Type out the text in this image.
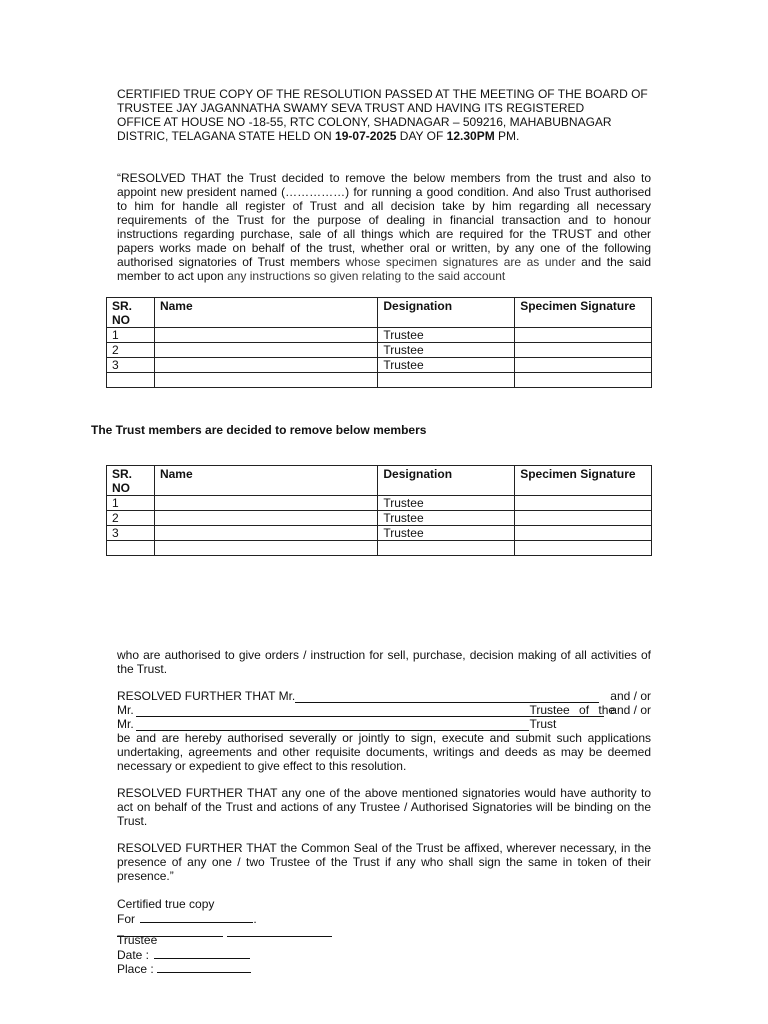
CERTIFIED TRUE COPY OF THE RESOLUTION PASSED AT THE MEETING OF THE BOARD OF

TRUSTEE JAY JAGANNATHA SWAMY SEVA TRUST AND HAVING ITS REGISTERED

OFFICE AT HOUSE NO -18-55, RTC COLONY, SHADNAGAR – 509216, MAHABUBNAGAR

DISTRIC, TELAGANA STATE HELD ON 19-07-2025 DAY OF 12.30PM PM.

“RESOLVED THAT the Trust decided to remove the below members from the trust and also to appoint new president named (……………) for running a good condition. And also Trust authorised to him for handle all register of Trust and all decision take by him regarding all necessary requirements of the Trust for the purpose of dealing in financial transaction and to honour instructions regarding purchase, sale of all things which are required for the TRUST and other papers works made on behalf of the trust, whether oral or written, by any one of the following authorised signatories of Trust members whose specimen signatures are as under and the said member to act upon any instructions so given relating to the said account

SR. NO	Name	Designation	Specimen Signature
1		Trustee	
2		Trustee	
3		Trustee	

The Trust members are decided to remove below members

SR. NO	Name	Designation	Specimen Signature
1		Trustee	
2		Trustee	
3		Trustee	

who are authorised to give orders / instruction for sell, purchase, decision making of all activities of the Trust.

RESOLVED FURTHER THAT Mr.	and / or
Mr.	and / or
Mr.
Trustee of the Trust

be and are hereby authorised severally or jointly to sign, execute and submit such applications undertaking, agreements and other requisite documents, writings and deeds as may be deemed necessary or expedient to give effect to this resolution.

RESOLVED FURTHER THAT any one of the above mentioned signatories would have authority to act on behalf of the Trust and actions of any Trustee / Authorised Signatories will be binding on the Trust.

RESOLVED FURTHER THAT the Common Seal of the Trust be affixed, wherever necessary, in the presence of any one / two Trustee of the Trust if any who shall sign the same in token of their presence.”

Certified true copy

For	.

Trustee

Date :
Place :
